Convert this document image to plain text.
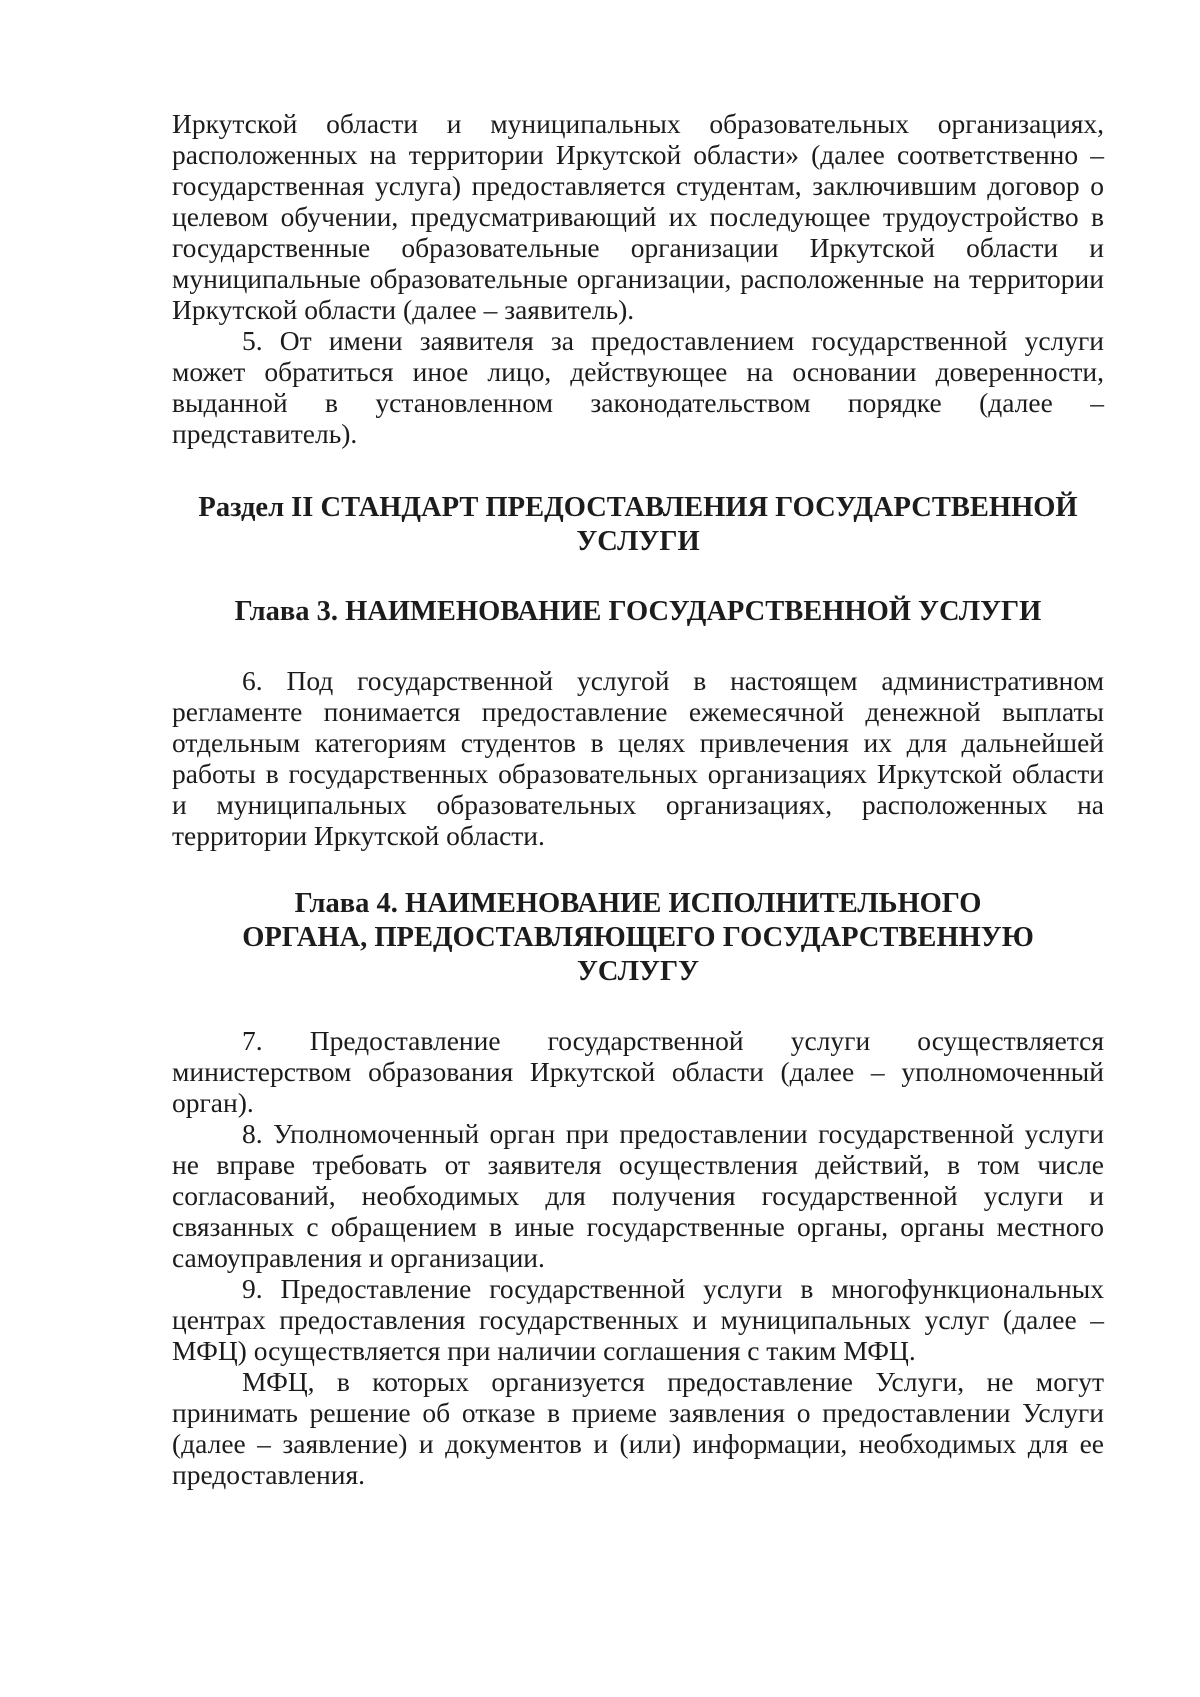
Иркутской области и муниципальных образовательных организациях, расположенных на территории Иркутской области» (далее соответственно – государственная услуга) предоставляется студентам, заключившим договор о целевом обучении, предусматривающий их последующее трудоустройство в государственные образовательные организации Иркутской области и муниципальные образовательные организации, расположенные на территории Иркутской области (далее – заявитель).

5. От имени заявителя за предоставлением государственной услуги может обратиться иное лицо, действующее на основании доверенности, выданной в установленном законодательством порядке (далее – представитель).

Раздел II СТАНДАРТ ПРЕДОСТАВЛЕНИЯ ГОСУДАРСТВЕННОЙ УСЛУГИ
Глава 3. НАИМЕНОВАНИЕ ГОСУДАРСТВЕННОЙ УСЛУГИ

6. Под государственной услугой в настоящем административном регламенте понимается предоставление ежемесячной денежной выплаты отдельным категориям студентов в целях привлечения их для дальнейшей работы в государственных образовательных организациях Иркутской области и муниципальных образовательных организациях, расположенных на территории Иркутской области.

Глава 4. НАИМЕНОВАНИЕ ИСПОЛНИТЕЛЬНОГО ОРГАНА, ПРЕДОСТАВЛЯЮЩЕГО ГОСУДАРСТВЕННУЮ УСЛУГУ

7. Предоставление государственной услуги осуществляется министерством образования Иркутской области (далее – уполномоченный орган).

8. Уполномоченный орган при предоставлении государственной услуги не вправе требовать от заявителя осуществления действий, в том числе согласований, необходимых для получения государственной услуги и связанных с обращением в иные государственные органы, органы местного самоуправления и организации.

9. Предоставление государственной услуги в многофункциональных центрах предоставления государственных и муниципальных услуг (далее – МФЦ) осуществляется при наличии соглашения с таким МФЦ.

МФЦ, в которых организуется предоставление Услуги, не могут принимать решение об отказе в приеме заявления о предоставлении Услуги (далее – заявление) и документов и (или) информации, необходимых для ее предоставления.
